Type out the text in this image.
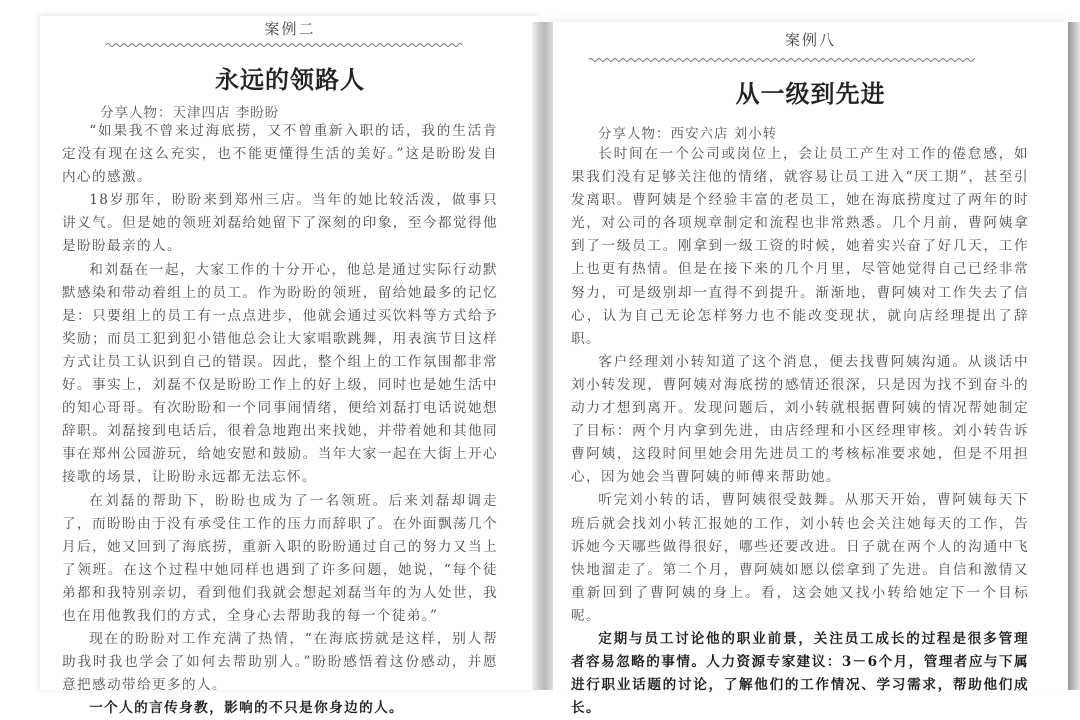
案例二
永远的领路人
分享人物：天津四店 李盼盼

“如果我不曾来过海底捞，又不曾重新入职的话，我的生活肯定没有现在这么充实，也不能更懂得生活的美好。”这是盼盼发自内心的感激。

18岁那年，盼盼来到郑州三店。当年的她比较活泼，做事只讲义气。但是她的领班刘磊给她留下了深刻的印象，至今都觉得他是盼盼最亲的人。

和刘磊在一起，大家工作的十分开心，他总是通过实际行动默默感染和带动着组上的员工。作为盼盼的领班，留给她最多的记忆是：只要组上的员工有一点点进步，他就会通过买饮料等方式给予奖励；而员工犯到犯小错他总会让大家唱歌跳舞，用表演节目这样方式让员工认识到自己的错误。因此，整个组上的工作氛围都非常好。事实上，刘磊不仅是盼盼工作上的好上级，同时也是她生活中的知心哥哥。有次盼盼和一个同事闹情绪，便给刘磊打电话说她想辞职。刘磊接到电话后，很着急地跑出来找她，并带着她和其他同事在郑州公园游玩，给她安慰和鼓励。当年大家一起在大街上开心接歌的场景，让盼盼永远都无法忘怀。

在刘磊的帮助下，盼盼也成为了一名领班。后来刘磊却调走了，而盼盼由于没有承受住工作的压力而辞职了。在外面飘荡几个月后，她又回到了海底捞，重新入职的盼盼通过自己的努力又当上了领班。在这个过程中她同样也遇到了许多问题，她说，“每个徒弟都和我特别亲切，看到他们我就会想起刘磊当年的为人处世，我也在用他教我们的方式，全身心去帮助我的每一个徒弟。”

现在的盼盼对工作充满了热情，“在海底捞就是这样，别人帮助我时我也学会了如何去帮助别人。”盼盼感悟着这份感动，并愿意把感动带给更多的人。

一个人的言传身教，影响的不只是你身边的人。

案例八
从一级到先进
分享人物：西安六店 刘小转

长时间在一个公司或岗位上，会让员工产生对工作的倦怠感，如果我们没有足够关注他的情绪，就容易让员工进入“厌工期”，甚至引发离职。曹阿姨是个经验丰富的老员工，她在海底捞度过了两年的时光，对公司的各项规章制定和流程也非常熟悉。几个月前，曹阿姨拿到了一级员工。刚拿到一级工资的时候，她着实兴奋了好几天，工作上也更有热情。但是在接下来的几个月里，尽管她觉得自己已经非常努力，可是级别却一直得不到提升。渐渐地，曹阿姨对工作失去了信心，认为自己无论怎样努力也不能改变现状，就向店经理提出了辞职。

客户经理刘小转知道了这个消息，便去找曹阿姨沟通。从谈话中刘小转发现，曹阿姨对海底捞的感情还很深，只是因为找不到奋斗的动力才想到离开。发现问题后，刘小转就根据曹阿姨的情况帮她制定了目标：两个月内拿到先进，由店经理和小区经理审核。刘小转告诉曹阿姨，这段时间里她会用先进员工的考核标准要求她，但是不用担心，因为她会当曹阿姨的师傅来帮助她。

听完刘小转的话，曹阿姨很受鼓舞。从那天开始，曹阿姨每天下班后就会找刘小转汇报她的工作，刘小转也会关注她每天的工作，告诉她今天哪些做得很好，哪些还要改进。日子就在两个人的沟通中飞快地溜走了。第二个月，曹阿姨如愿以偿拿到了先进。自信和激情又重新回到了曹阿姨的身上。看，这会她又找小转给她定下一个目标呢。

定期与员工讨论他的职业前景，关注员工成长的过程是很多管理者容易忽略的事情。人力资源专家建议：3－6个月，管理者应与下属进行职业话题的讨论，了解他们的工作情况、学习需求，帮助他们成长。
